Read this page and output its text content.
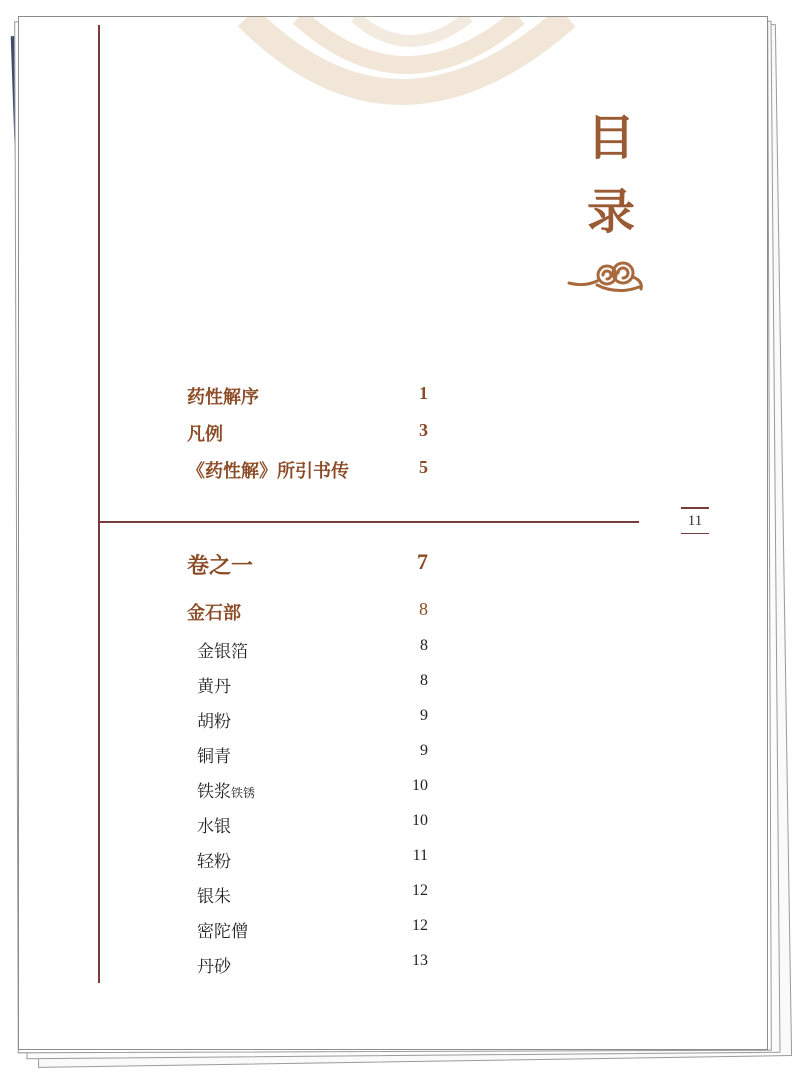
目
录
11
药性解序	1
凡例	3
《药性解》所引书传	5
卷之一	7
金石部	8
金银箔	8
黄丹	8
胡粉	9
铜青	9
铁浆铁锈	10
水银	10
轻粉	11
银朱	12
密陀僧	12
丹砂	13
